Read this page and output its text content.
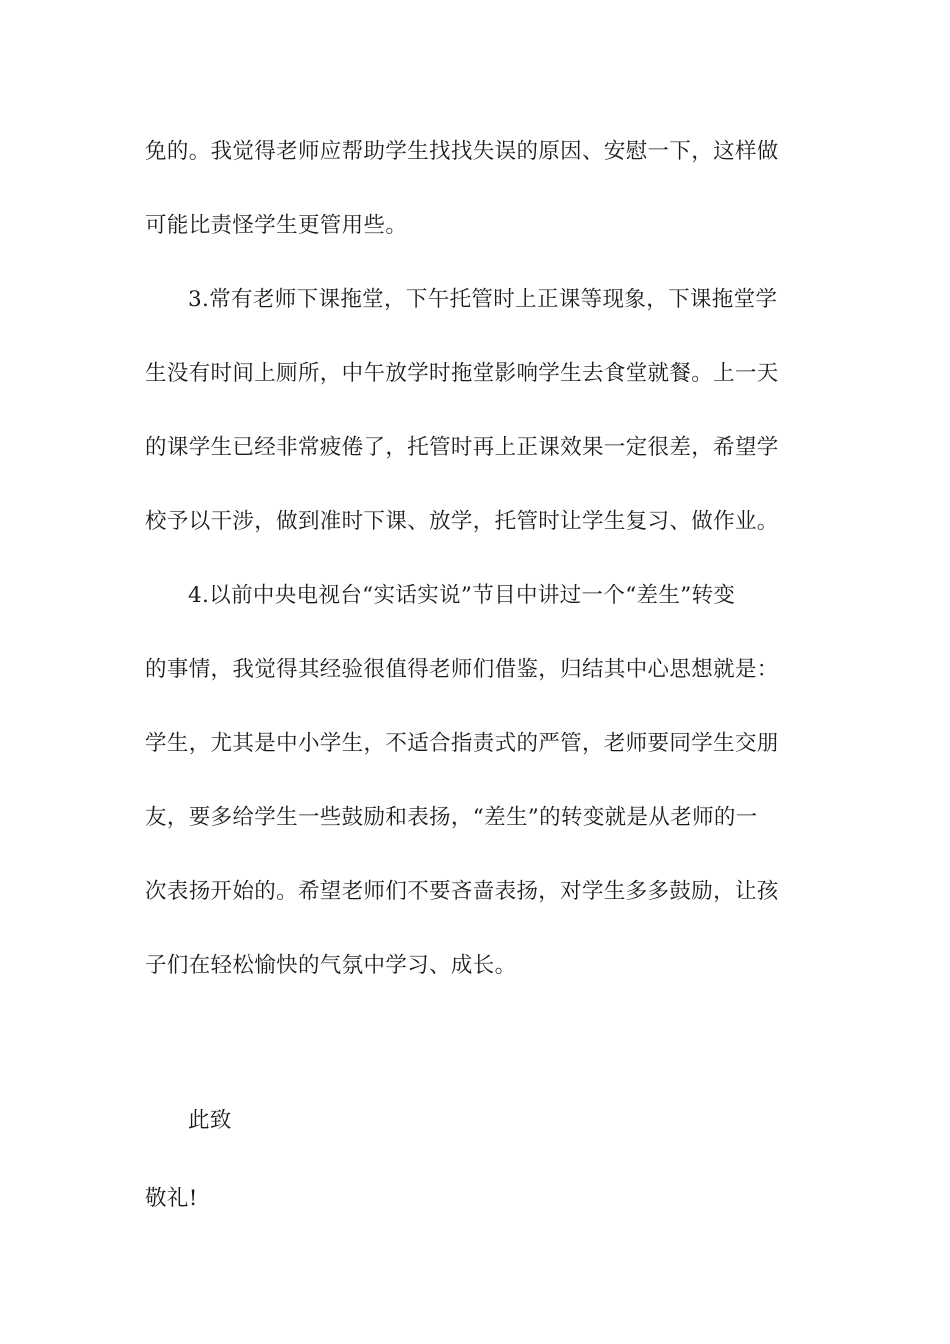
免的。我觉得老师应帮助学生找找失误的原因、安慰一下，这样做
可能比责怪学生更管用些。
3.常有老师下课拖堂，下午托管时上正课等现象，下课拖堂学
生没有时间上厕所，中午放学时拖堂影响学生去食堂就餐。上一天
的课学生已经非常疲倦了，托管时再上正课效果一定很差，希望学
校予以干涉，做到准时下课、放学，托管时让学生复习、做作业。
4.以前中央电视台“实话实说”节目中讲过一个“差生”转变
的事情，我觉得其经验很值得老师们借鉴，归结其中心思想就是：
学生，尤其是中小学生，不适合指责式的严管，老师要同学生交朋
友，要多给学生一些鼓励和表扬，“差生”的转变就是从老师的一
次表扬开始的。希望老师们不要吝啬表扬，对学生多多鼓励，让孩
子们在轻松愉快的气氛中学习、成长。
此致
敬礼!
